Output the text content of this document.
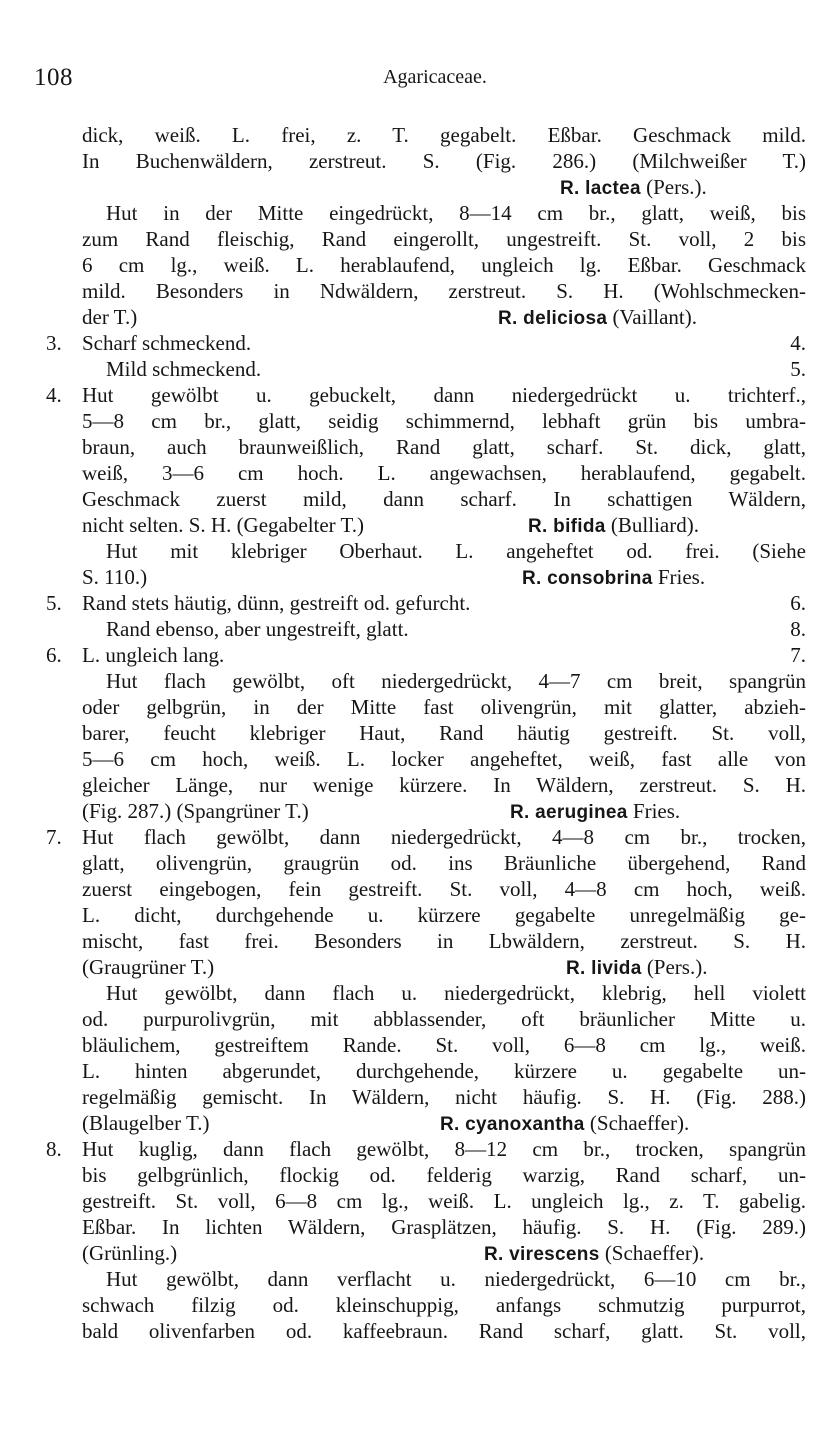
108	Agaricaceae.
dick, weiß. L. frei, z. T. gegabelt. Eßbar. Geschmack mild.
In Buchenwäldern, zerstreut. S. (Fig. 286.) (Milchweißer T.)
R. lactea (Pers.).
Hut in der Mitte eingedrückt, 8—14 cm br., glatt, weiß, bis
zum Rand fleischig, Rand eingerollt, ungestreift. St. voll, 2 bis
6 cm lg., weiß. L. herablaufend, ungleich lg. Eßbar. Geschmack
mild. Besonders in Ndwäldern, zerstreut. S. H. (Wohlschmecken-
der T.)	R. deliciosa (Vaillant).
3. Scharf schmeckend.	4.
Mild schmeckend.	5.
4. Hut gewölbt u. gebuckelt, dann niedergedrückt u. trichterf.,
5—8 cm br., glatt, seidig schimmernd, lebhaft grün bis umbra-
braun, auch braunweißlich, Rand glatt, scharf. St. dick, glatt,
weiß, 3—6 cm hoch. L. angewachsen, herablaufend, gegabelt.
Geschmack zuerst mild, dann scharf. In schattigen Wäldern,
nicht selten. S. H. (Gegabelter T.)	R. bifida (Bulliard).
Hut mit klebriger Oberhaut. L. angeheftet od. frei. (Siehe
S. 110.)	R. consobrina Fries.
5. Rand stets häutig, dünn, gestreift od. gefurcht.	6.
Rand ebenso, aber ungestreift, glatt.	8.
6. L. ungleich lang.	7.
Hut flach gewölbt, oft niedergedrückt, 4—7 cm breit, spangrün
oder gelbgrün, in der Mitte fast olivengrün, mit glatter, abzieh-
barer, feucht klebriger Haut, Rand häutig gestreift. St. voll,
5—6 cm hoch, weiß. L. locker angeheftet, weiß, fast alle von
gleicher Länge, nur wenige kürzere. In Wäldern, zerstreut. S. H.
(Fig. 287.) (Spangrüner T.)	R. aeruginea Fries.
7. Hut flach gewölbt, dann niedergedrückt, 4—8 cm br., trocken,
glatt, olivengrün, graugrün od. ins Bräunliche übergehend, Rand
zuerst eingebogen, fein gestreift. St. voll, 4—8 cm hoch, weiß.
L. dicht, durchgehende u. kürzere gegabelte unregelmäßig ge-
mischt, fast frei. Besonders in Lbwäldern, zerstreut. S. H.
(Graugrüner T.)	R. livida (Pers.).
Hut gewölbt, dann flach u. niedergedrückt, klebrig, hell violett
od. purpurolivgrün, mit abblassender, oft bräunlicher Mitte u.
bläulichem, gestreiftem Rande. St. voll, 6—8 cm lg., weiß.
L. hinten abgerundet, durchgehende, kürzere u. gegabelte un-
regelmäßig gemischt. In Wäldern, nicht häufig. S. H. (Fig. 288.)
(Blaugelber T.)	R. cyanoxantha (Schaeffer).
8. Hut kuglig, dann flach gewölbt, 8—12 cm br., trocken, spangrün
bis gelbgrünlich, flockig od. felderig warzig, Rand scharf, un-
gestreift. St. voll, 6—8 cm lg., weiß. L. ungleich lg., z. T. gabelig.
Eßbar. In lichten Wäldern, Grasplätzen, häufig. S. H. (Fig. 289.)
(Grünling.)	R. virescens (Schaeffer).
Hut gewölbt, dann verflacht u. niedergedrückt, 6—10 cm br.,
schwach filzig od. kleinschuppig, anfangs schmutzig purpurrot,
bald olivenfarben od. kaffeebraun. Rand scharf, glatt. St. voll,
